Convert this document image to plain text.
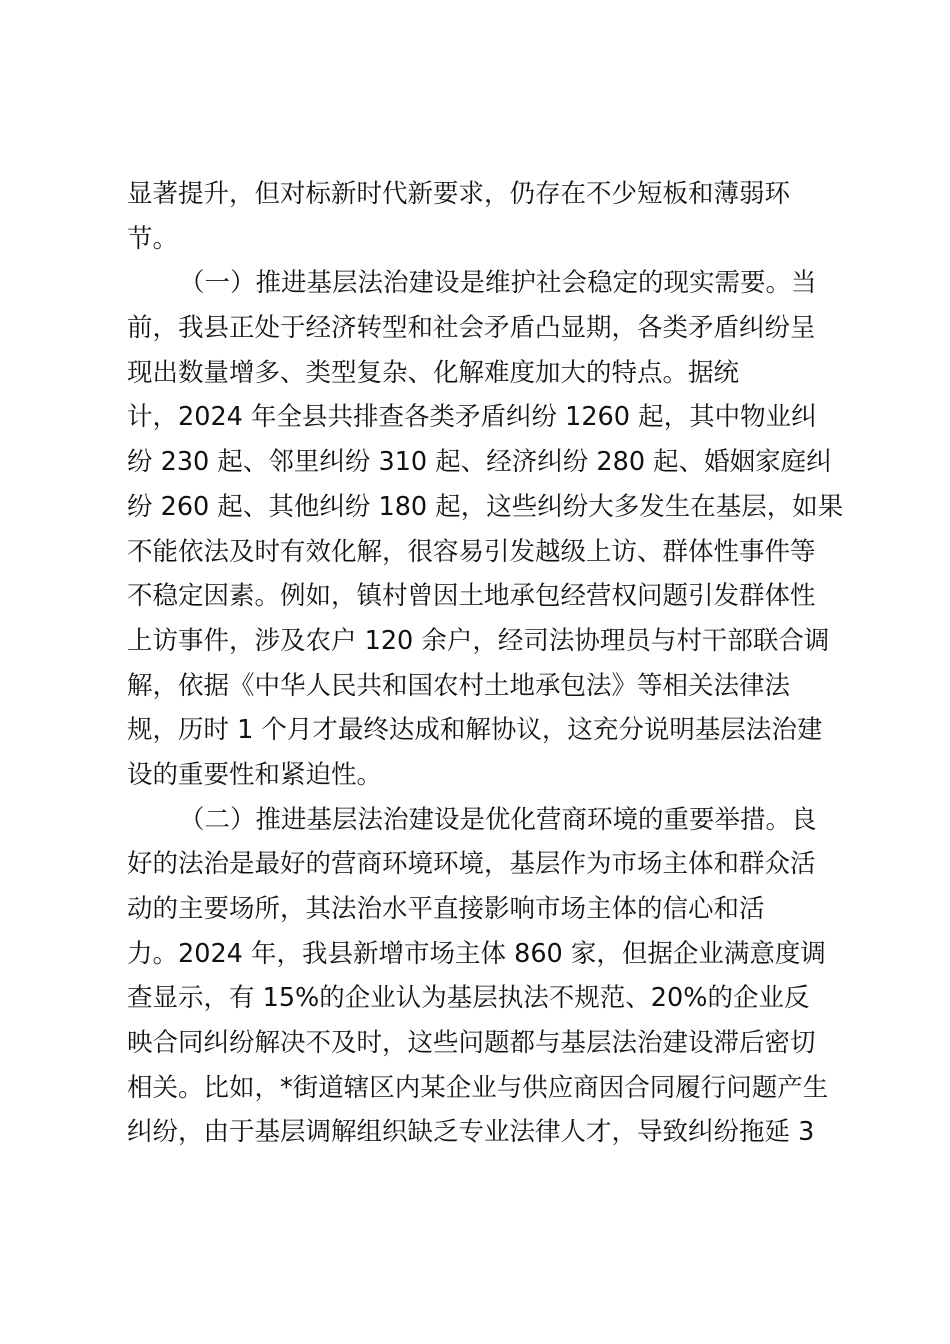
显著提升，但对标新时代新要求，仍存在不少短板和薄弱环

节。

（一）推进基层法治建设是维护社会稳定的现实需要。当

前，我县正处于经济转型和社会矛盾凸显期，各类矛盾纠纷呈

现出数量增多、类型复杂、化解难度加大的特点。据统

计，2024 年全县共排查各类矛盾纠纷 1260 起，其中物业纠

纷 230 起、邻里纠纷 310 起、经济纠纷 280 起、婚姻家庭纠

纷 260 起、其他纠纷 180 起，这些纠纷大多发生在基层，如果

不能依法及时有效化解，很容易引发越级上访、群体性事件等

不稳定因素。例如，镇村曾因土地承包经营权问题引发群体性

上访事件，涉及农户 120 余户，经司法协理员与村干部联合调

解，依据《中华人民共和国农村土地承包法》等相关法律法

规，历时 1 个月才最终达成和解协议，这充分说明基层法治建

设的重要性和紧迫性。

（二）推进基层法治建设是优化营商环境的重要举措。良

好的法治是最好的营商环境环境，基层作为市场主体和群众活

动的主要场所，其法治水平直接影响市场主体的信心和活

力。2024 年，我县新增市场主体 860 家，但据企业满意度调

查显示，有 15%的企业认为基层执法不规范、20%的企业反

映合同纠纷解决不及时，这些问题都与基层法治建设滞后密切

相关。比如，*街道辖区内某企业与供应商因合同履行问题产生

纠纷，由于基层调解组织缺乏专业法律人才，导致纠纷拖延 3
